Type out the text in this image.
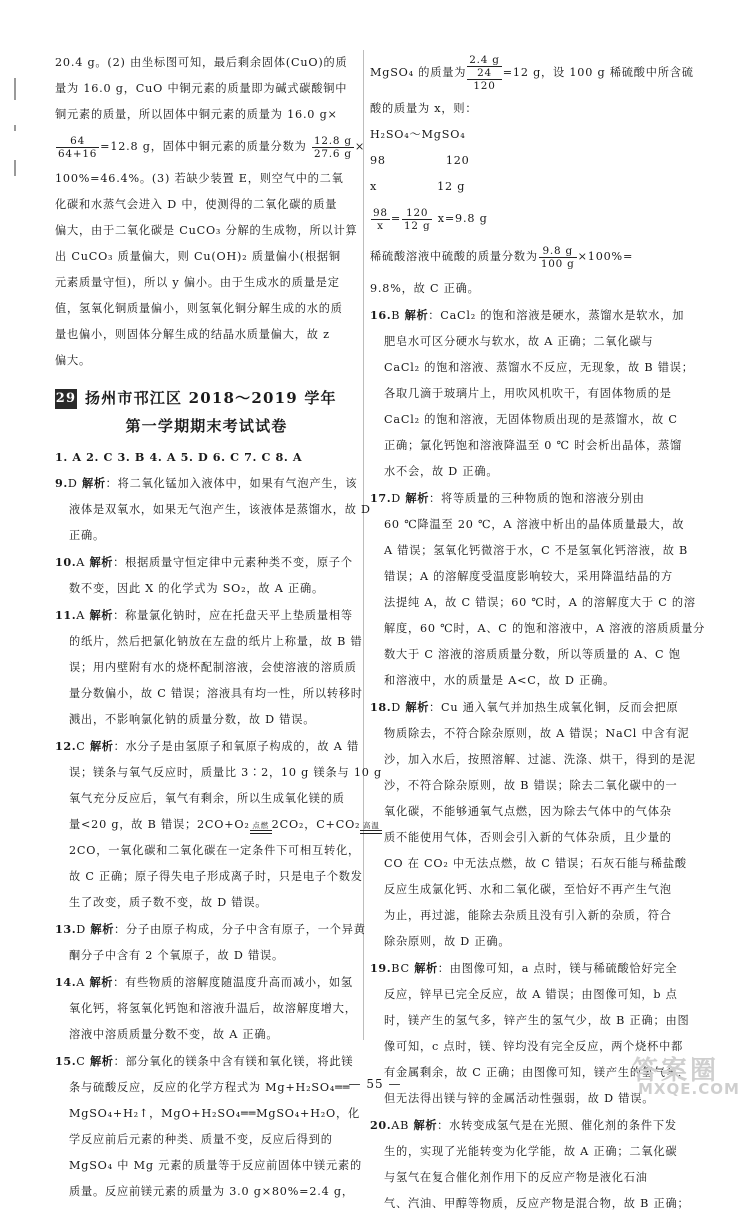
20.4 g。(2) 由坐标图可知，最后剩余固体(CuO)的质

量为 16.0 g，CuO 中铜元素的质量即为碱式碳酸铜中

铜元素的质量，所以固体中铜元素的质量为 16.0 g×

$\frac{64}{64+16} =12.8$ g，固体中铜元素的质量分数为 $\frac{12.8 g}{27.6 g}$ ×

100%=46.4%。(3) 若缺少装置 E，则空气中的二氧

化碳和水蒸气会进入 D 中，使测得的二氧化碳的质量

偏大，由于二氧化碳是 CuCO₃ 分解的生成物，所以计算

出 CuCO₃ 质量偏大，则 Cu(OH)₂ 质量偏小(根据铜

元素质量守恒)，所以 y 偏小。由于生成水的质量是定

值，氢氧化铜质量偏小，则氢氧化铜分解生成的水的质

量也偏小，则固体分解生成的结晶水质量偏大，故 z

偏大。

29 扬州市邗江区 2018～2019 学年
第一学期期末考试试卷

1. A 2. C 3. B 4. A 5. D 6. C 7. C 8. A

9.D 解析：将二氧化锰加入液体中，如果有气泡产生，该

液体是双氧水，如果无气泡产生，该液体是蒸馏水，故 D

正确。

10.A 解析：根据质量守恒定律中元素种类不变，原子个

数不变，因此 X 的化学式为 SO₂，故 A 正确。

11.A 解析：称量氯化钠时，应在托盘天平上垫质量相等

的纸片，然后把氯化钠放在左盘的纸片上称量，故 B 错

误；用内壁附有水的烧杯配制溶液，会使溶液的溶质质

量分数偏小，故 C 错误；溶液具有均一性，所以转移时

溅出，不影响氯化钠的质量分数，故 D 错误。

12.C 解析：水分子是由氢原子和氧原子构成的，故 A 错

误；镁条与氧气反应时，质量比 3∶2，10 g 镁条与 10 g

氧气充分反应后，氧气有剩余，所以生成氧化镁的质

量<20 g，故 B 错误；2CO+O₂ 点燃 2CO₂，C+CO₂ 高温

2CO，一氧化碳和二氧化碳在一定条件下可相互转化，

故 C 正确；原子得失电子形成离子时，只是电子个数发

生了改变，质子数不变，故 D 错误。

13.D 解析：分子由原子构成，分子中含有原子，一个异黄

酮分子中含有 2 个氧原子，故 D 错误。

14.A 解析：有些物质的溶解度随温度升高而减小，如氢

氧化钙，将氢氧化钙饱和溶液升温后，故溶解度增大，

溶液中溶质质量分数不变，故 A 正确。

15.C 解析：部分氧化的镁条中含有镁和氧化镁，将此镁

条与硫酸反应，反应的化学方程式为 Mg+H₂SO₄══

MgSO₄+H₂↑，MgO+H₂SO₄══MgSO₄+H₂O，化

学反应前后元素的种类、质量不变，反应后得到的

MgSO₄ 中 Mg 元素的质量等于反应前固体中镁元素的

质量。反应前镁元素的质量为 3.0 g×80%=2.4 g，

MgSO₄ 的质量为
2.4 g
24
120
=12 g，设 100 g 稀硫酸中所含硫

酸的质量为 x，则：

H₂SO₄～MgSO₄

98	120

x	12 g

$\frac{98}{x} = \frac{120}{12 g} x=9.8$ g

稀硫酸溶液中硫酸的质量分数为 $\frac{9.8 g}{100 g} \times 100\%=$

9.8%，故 C 正确。

16.B 解析：CaCl₂ 的饱和溶液是硬水，蒸馏水是软水，加

肥皂水可区分硬水与软水，故 A 正确；二氧化碳与

CaCl₂ 的饱和溶液、蒸馏水不反应，无现象，故 B 错误；

各取几滴于玻璃片上，用吹风机吹干，有固体物质的是

CaCl₂ 的饱和溶液，无固体物质出现的是蒸馏水，故 C

正确；氯化钙饱和溶液降温至 0 ℃ 时会析出晶体，蒸馏

水不会，故 D 正确。

17.D 解析：将等质量的三种物质的饱和溶液分别由

60 ℃降温至 20 ℃，A 溶液中析出的晶体质量最大，故

A 错误；氢氧化钙微溶于水，C 不是氢氧化钙溶液，故 B

错误；A 的溶解度受温度影响较大，采用降温结晶的方

法提纯 A，故 C 错误；60 ℃时，A 的溶解度大于 C 的溶

解度，60 ℃时，A、C 的饱和溶液中，A 溶液的溶质质量分

数大于 C 溶液的溶质质量分数，所以等质量的 A、C 饱

和溶液中，水的质量是 A<C，故 D 正确。

18.D 解析：Cu 通入氧气并加热生成氧化铜，反而会把原

物质除去，不符合除杂原则，故 A 错误；NaCl 中含有泥

沙，加入水后，按照溶解、过滤、洗涤、烘干，得到的是泥

沙，不符合除杂原则，故 B 错误；除去二氧化碳中的一

氧化碳，不能够通氧气点燃，因为除去气体中的气体杂

质不能使用气体，否则会引入新的气体杂质，且少量的

CO 在 CO₂ 中无法点燃，故 C 错误；石灰石能与稀盐酸

反应生成氯化钙、水和二氧化碳，至恰好不再产生气泡

为止，再过滤，能除去杂质且没有引入新的杂质，符合

除杂原则，故 D 正确。

19.BC 解析：由图像可知，a 点时，镁与稀硫酸恰好完全

反应，锌早已完全反应，故 A 错误；由图像可知，b 点

时，镁产生的氢气多，锌产生的氢气少，故 B 正确；由图

像可知，c 点时，镁、锌均没有完全反应，两个烧杯中都

有金属剩余，故 C 正确；由图像可知，镁产生的氢气多，

但无法得出镁与锌的金属活动性强弱，故 D 错误。

20.AB 解析：水转变成氢气是在光照、催化剂的条件下发

生的，实现了光能转变为化学能，故 A 正确；二氧化碳

与氢气在复合催化剂作用下的反应产物是液化石油

气、汽油、甲醇等物质，反应产物是混合物，故 B 正确；

— 55 —	答案圈
MXQE.COM
